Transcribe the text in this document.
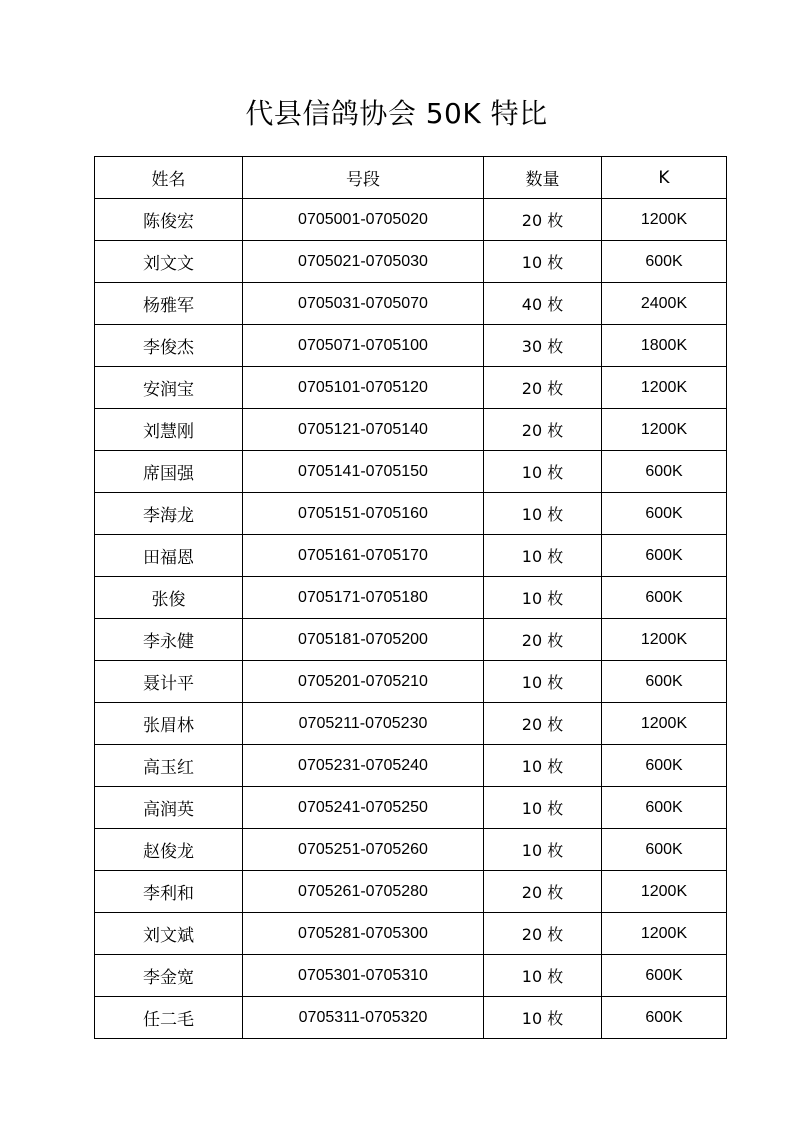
代县信鸽协会 50K 特比
姓名	号段	数量	K
陈俊宏	0705001-0705020	20 枚	1200K
刘文文	0705021-0705030	10 枚	600K
杨雅军	0705031-0705070	40 枚	2400K
李俊杰	0705071-0705100	30 枚	1800K
安润宝	0705101-0705120	20 枚	1200K
刘慧刚	0705121-0705140	20 枚	1200K
席国强	0705141-0705150	10 枚	600K
李海龙	0705151-0705160	10 枚	600K
田福恩	0705161-0705170	10 枚	600K
张俊	0705171-0705180	10 枚	600K
李永健	0705181-0705200	20 枚	1200K
聂计平	0705201-0705210	10 枚	600K
张眉林	0705211-0705230	20 枚	1200K
高玉红	0705231-0705240	10 枚	600K
高润英	0705241-0705250	10 枚	600K
赵俊龙	0705251-0705260	10 枚	600K
李利和	0705261-0705280	20 枚	1200K
刘文斌	0705281-0705300	20 枚	1200K
李金宽	0705301-0705310	10 枚	600K
任二毛	0705311-0705320	10 枚	600K
